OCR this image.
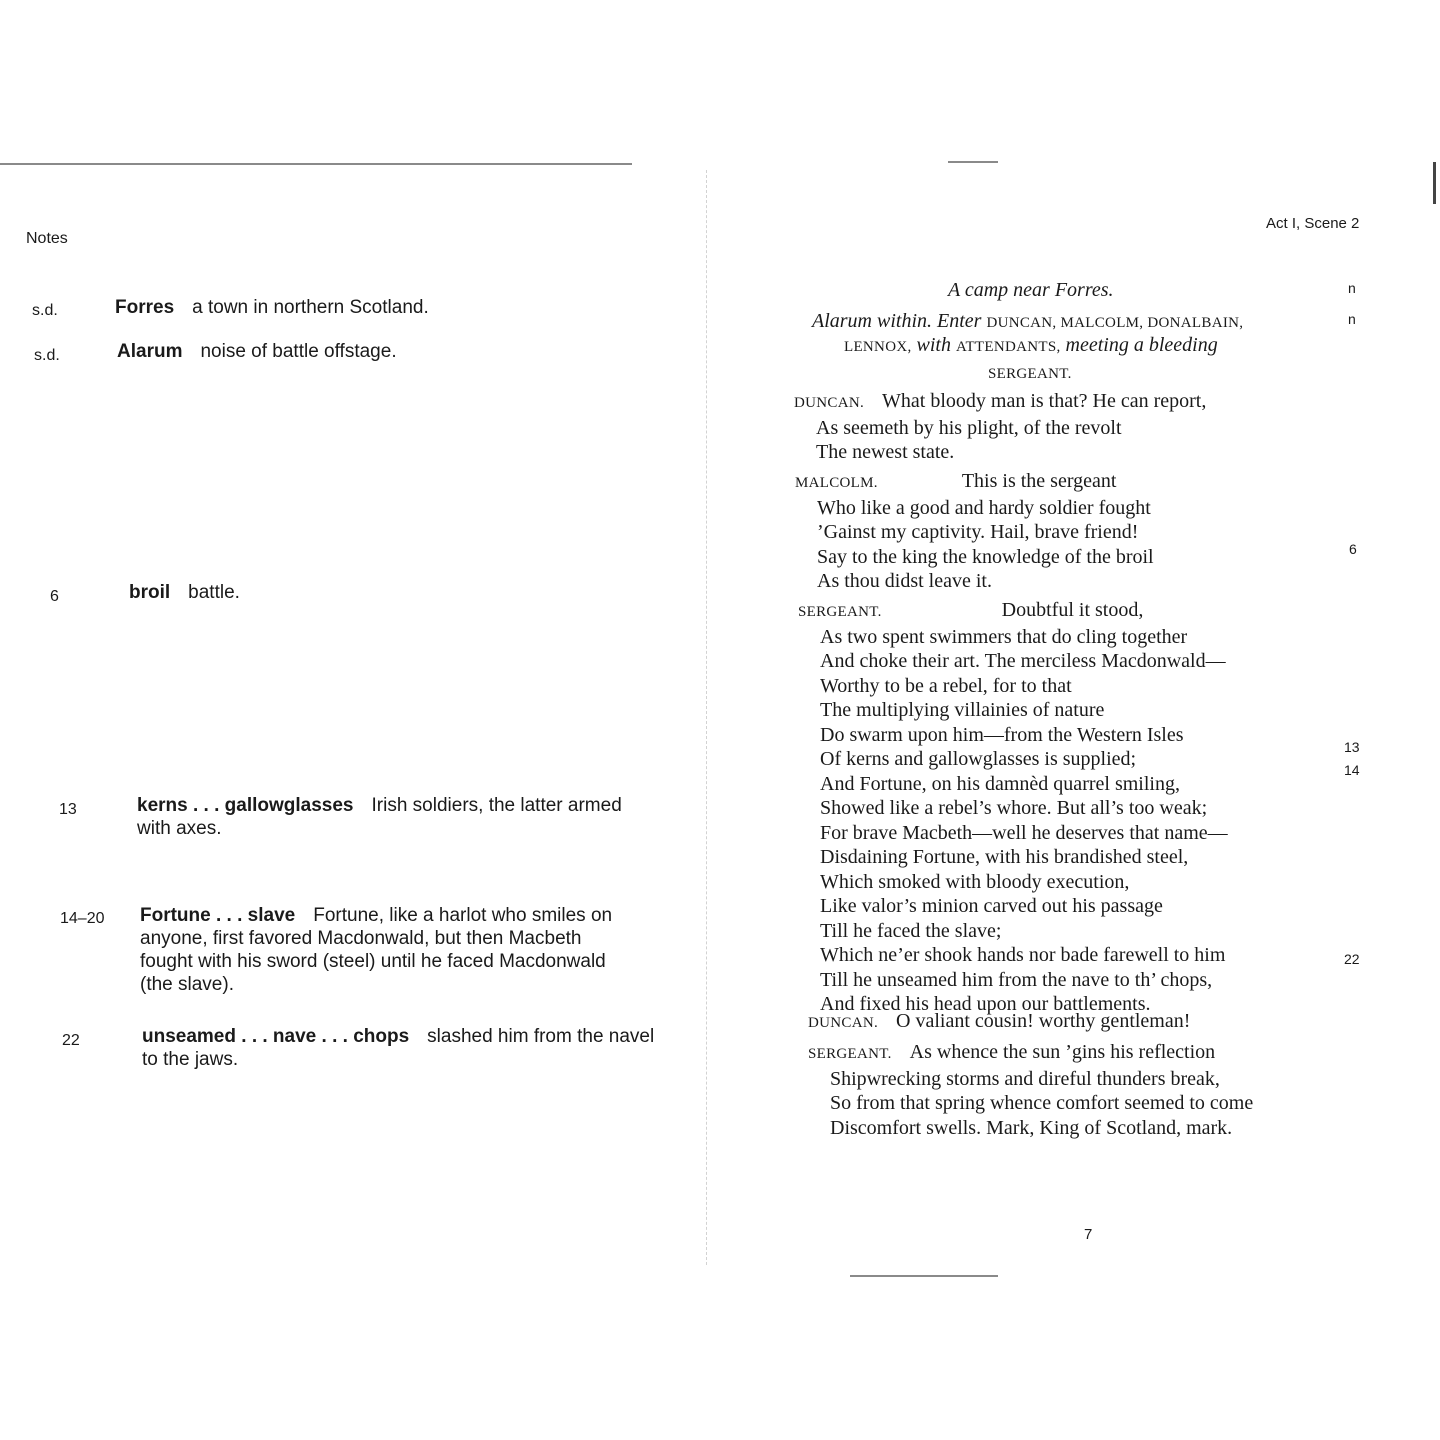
Notes
s.d.	Forres a town in northern Scotland.
s.d.	Alarum noise of battle offstage.
6	broil battle.
13	kerns . . . gallowglasses Irish soldiers, the latter armed
with axes.
14–20 Fortune . . . slave Fortune, like a harlot who smiles on
anyone, first favored Macdonwald, but then Macbeth
fought with his sword (steel) until he faced Macdonwald
(the slave).
22	unseamed . . . nave . . . chops slashed him from the navel
to the jaws.
Act I, Scene 2
A camp near Forres.	n
Alarum within. Enter DUNCAN, MALCOLM, DONALBAIN,	n
LENNOX, with ATTENDANTS, meeting a bleeding
SERGEANT.
DUNCAN. What bloody man is that? He can report,
As seemeth by his plight, of the revolt
The newest state.
MALCOLM.	This is the sergeant
Who like a good and hardy soldier fought
’Gainst my captivity. Hail, brave friend!
Say to the king the knowledge of the broil
As thou didst leave it.
6
SERGEANT.	Doubtful it stood,
As two spent swimmers that do cling together
And choke their art. The merciless Macdonwald—
Worthy to be a rebel, for to that
The multiplying villainies of nature
Do swarm upon him—from the Western Isles
Of kerns and gallowglasses is supplied;
And Fortune, on his damnèd quarrel smiling,
Showed like a rebel’s whore. But all’s too weak;
For brave Macbeth—well he deserves that name—
Disdaining Fortune, with his brandished steel,
Which smoked with bloody execution,
Like valor’s minion carved out his passage
Till he faced the slave;
Which ne’er shook hands nor bade farewell to him
Till he unseamed him from the nave to th’ chops,
And fixed his head upon our battlements.
13
14
22
DUNCAN. O valiant cousin! worthy gentleman!
SERGEANT. As whence the sun ’gins his reflection
Shipwrecking storms and direful thunders break,
So from that spring whence comfort seemed to come
Discomfort swells. Mark, King of Scotland, mark.
7
